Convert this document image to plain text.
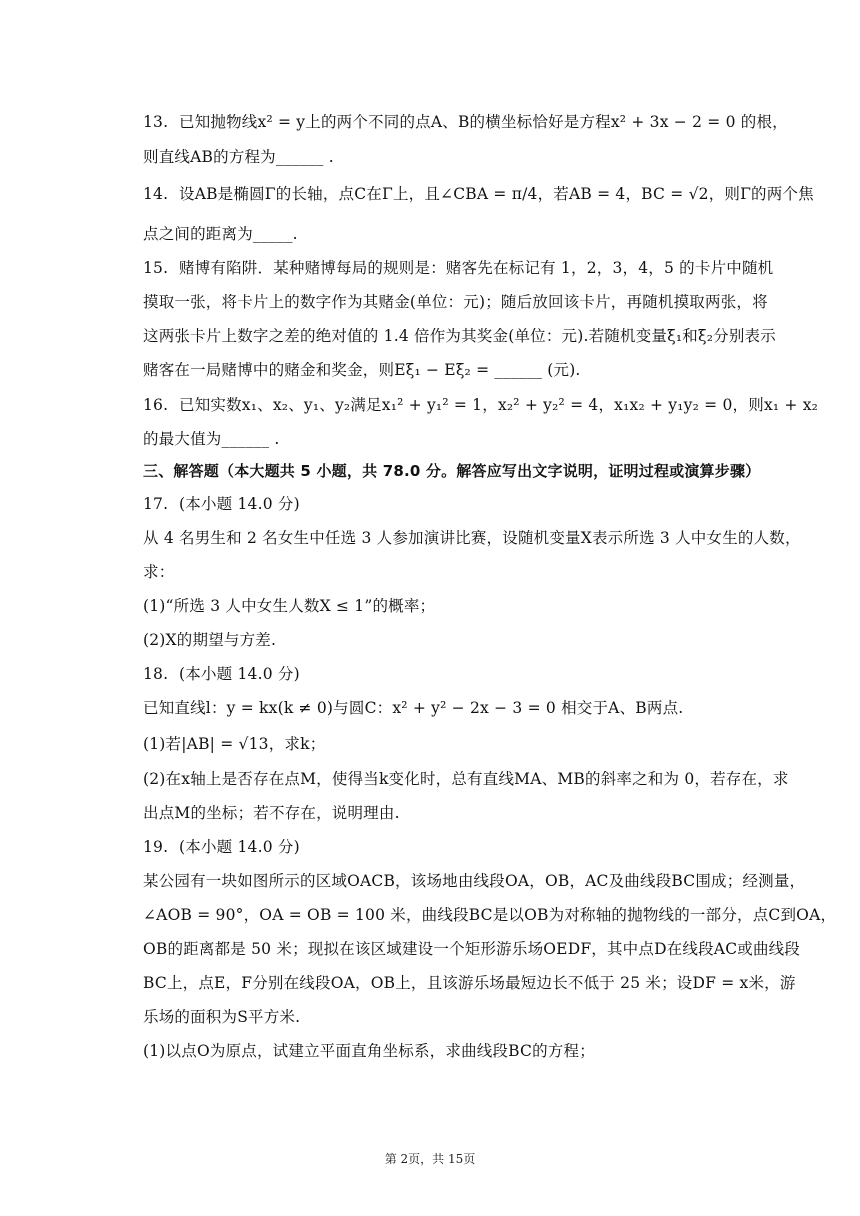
13. 已知抛物线x² = y上的两个不同的点A、B的横坐标恰好是方程x² + 3x − 2 = 0 的根，
则直线AB的方程为______ .
14. 设AB是椭圆Γ的长轴，点C在Γ上，且∠CBA = π/4，若AB = 4，BC = √2，则Γ的两个焦
点之间的距离为_____.
15. 赌博有陷阱．某种赌博每局的规则是：赌客先在标记有 1，2，3，4，5 的卡片中随机
摸取一张，将卡片上的数字作为其赌金(单位：元)；随后放回该卡片，再随机摸取两张，将
这两张卡片上数字之差的绝对值的 1.4 倍作为其奖金(单位：元).若随机变量ξ₁和ξ₂分别表示
赌客在一局赌博中的赌金和奖金，则Eξ₁ − Eξ₂ = ______ (元).
16. 已知实数x₁、x₂、y₁、y₂满足x₁² + y₁² = 1，x₂² + y₂² = 4，x₁x₂ + y₁y₂ = 0，则x₁ + x₂
的最大值为______ .
三、解答题（本大题共 5 小题，共 78.0 分。解答应写出文字说明，证明过程或演算步骤）
17. (本小题 14.0 分)
从 4 名男生和 2 名女生中任选 3 人参加演讲比赛，设随机变量X表示所选 3 人中女生的人数，
求：
(1)“所选 3 人中女生人数X ≤ 1”的概率；
(2)X的期望与方差.
18. (本小题 14.0 分)
已知直线l：y = kx(k ≠ 0)与圆C：x² + y² − 2x − 3 = 0 相交于A、B两点.
(1)若|AB| = √13，求k；
(2)在x轴上是否存在点M，使得当k变化时，总有直线MA、MB的斜率之和为 0，若存在，求
出点M的坐标；若不存在，说明理由.
19. (本小题 14.0 分)
某公园有一块如图所示的区域OACB，该场地由线段OA，OB，AC及曲线段BC围成；经测量，
∠AOB = 90°，OA = OB = 100 米，曲线段BC是以OB为对称轴的抛物线的一部分，点C到OA，
OB的距离都是 50 米；现拟在该区域建设一个矩形游乐场OEDF，其中点D在线段AC或曲线段
BC上，点E，F分别在线段OA，OB上，且该游乐场最短边长不低于 25 米；设DF = x米，游
乐场的面积为S平方米.
(1)以点O为原点，试建立平面直角坐标系，求曲线段BC的方程；
第 2页，共 15页
